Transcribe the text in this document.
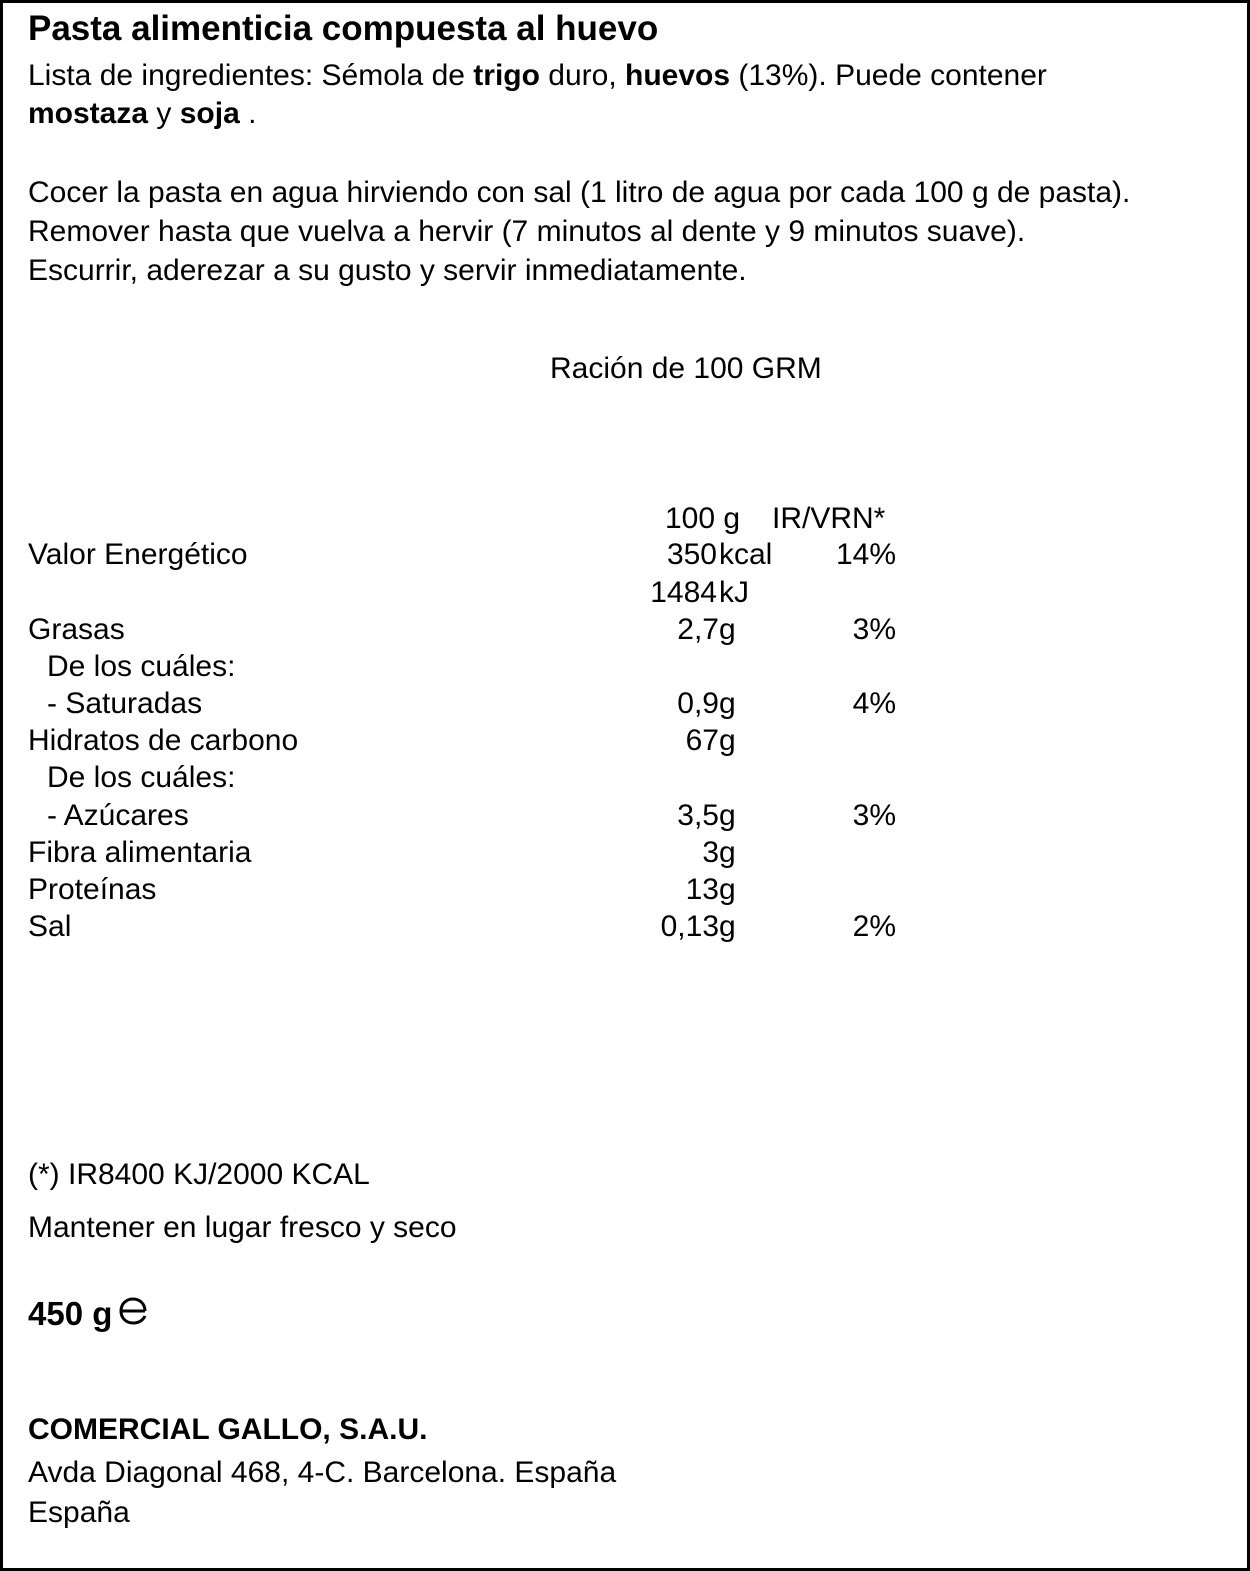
Pasta alimenticia compuesta al huevo
Lista de ingredientes: Sémola de trigo duro, huevos (13%). Puede contener
mostaza y soja .
Cocer la pasta en agua hirviendo con sal (1 litro de agua por cada 100 g de pasta).
Remover hasta que vuelva a hervir (7 minutos al dente y 9 minutos suave).
Escurrir, aderezar a su gusto y servir inmediatamente.
Ración de 100 GRM
100 g IR/VRN*
Valor Energético	350 kcal	14%
1484 kJ
Grasas	2,7 g	3%
De los cuáles:
- Saturadas	0,9 g	4%
Hidratos de carbono	67 g
De los cuáles:
- Azúcares	3,5 g	3%
Fibra alimentaria	3 g
Proteínas	13 g
Sal	0,13 g	2%
(*) IR8400 KJ/2000 KCAL
Mantener en lugar fresco y seco
450 g
COMERCIAL GALLO, S.A.U.
Avda Diagonal 468, 4-C. Barcelona. España
España
